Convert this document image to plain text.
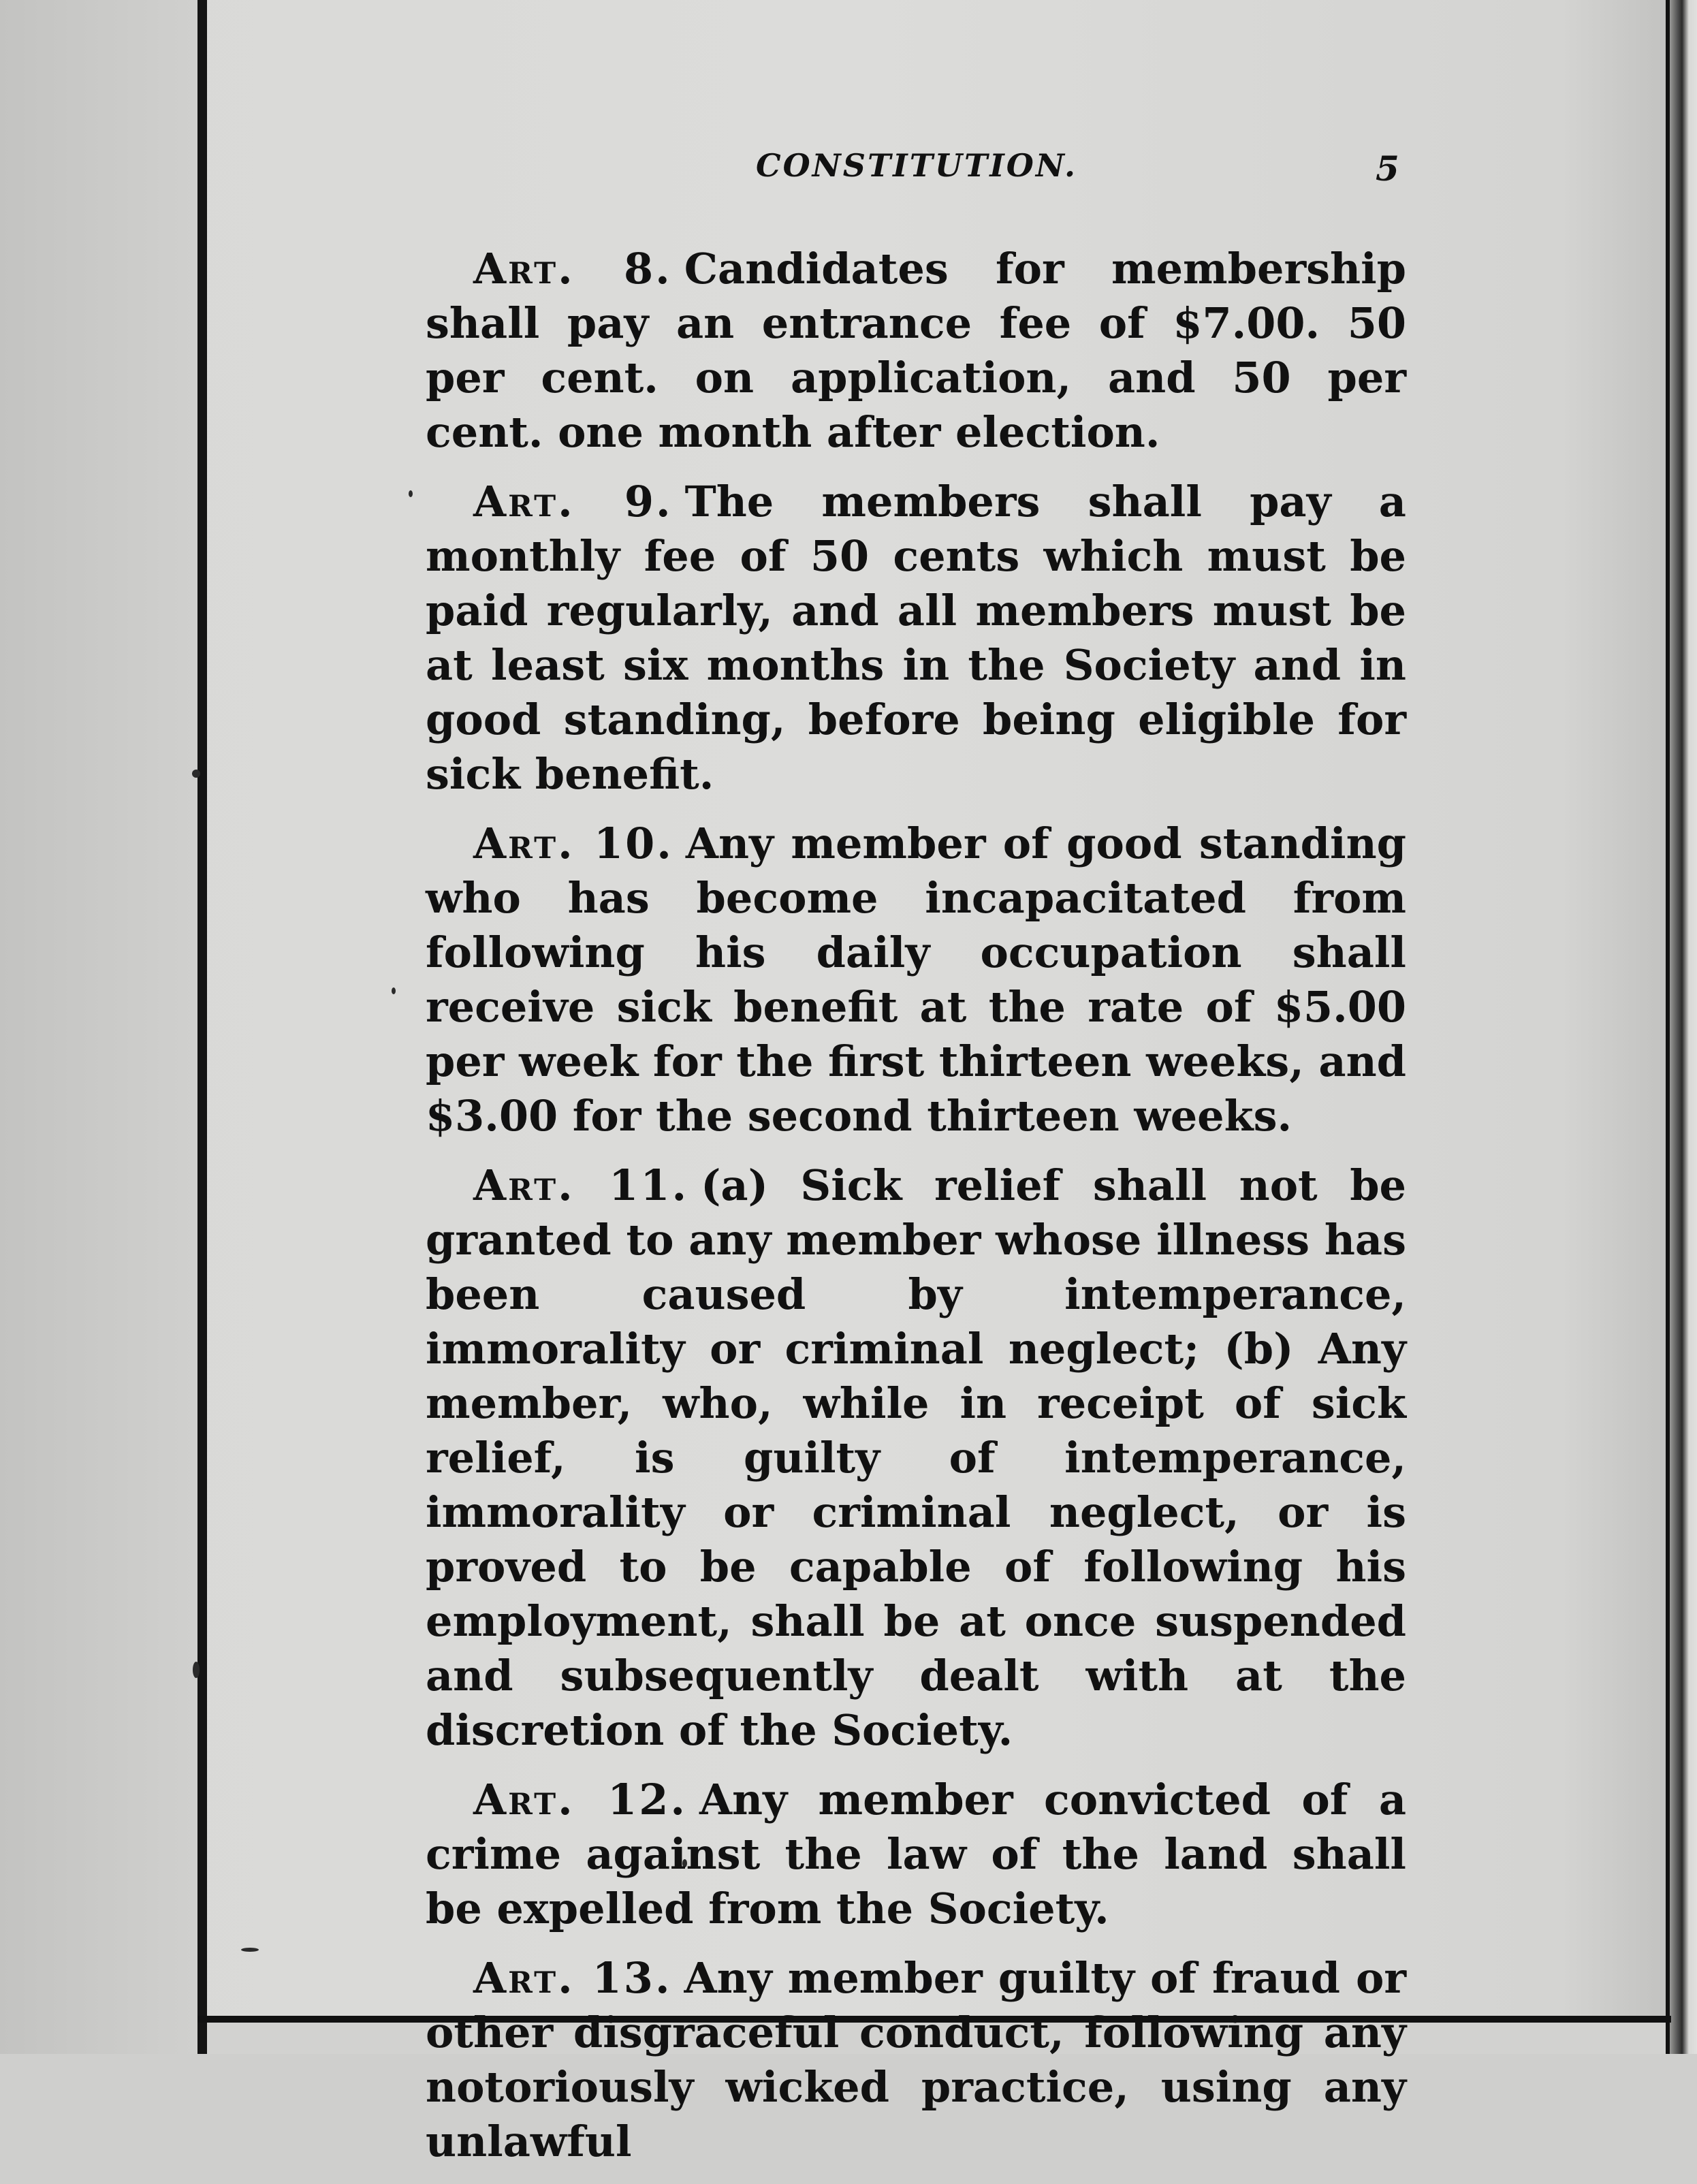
CONSTITUTION.	5

Art. 8. Candidates for membership shall pay an entrance fee of $7.00. 50 per cent. on application, and 50 per cent. one month after election.

Art. 9. The members shall pay a monthly fee of 50 cents which must be paid regularly, and all members must be at least six months in the Society and in good standing, before being eligible for sick benefit.

Art. 10. Any member of good standing who has become incapacitated from following his daily occupation shall receive sick benefit at the rate of $5.00 per week for the first thirteen weeks, and $3.00 for the second thirteen weeks.

Art. 11. (a) Sick relief shall not be granted to any member whose illness has been caused by intemperance, immorality or criminal neglect; (b) Any member, who, while in receipt of sick relief, is guilty of intemperance, immorality or criminal neglect, or is proved to be capable of following his employment, shall be at once suspended and subsequently dealt with at the discretion of the Society.

Art. 12. Any member convicted of a crime against the law of the land shall be expelled from the Society.

Art. 13. Any member guilty of fraud or other disgraceful conduct, following any notoriously wicked practice, using any unlawful
